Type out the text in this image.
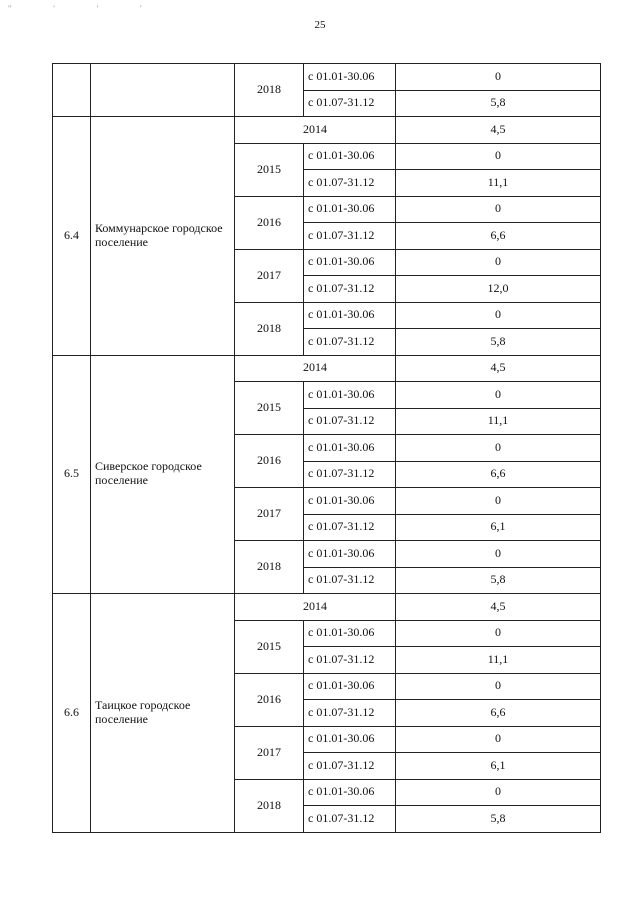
" ' ' '
25
		2018	с 01.01-30.06	0
			с 01.07-31.12	5,8
6.4	Коммунарское городское поселение	2014		4,5
		2015	с 01.01-30.06	0
			с 01.07-31.12	11,1
		2016	с 01.01-30.06	0
			с 01.07-31.12	6,6
		2017	с 01.01-30.06	0
			с 01.07-31.12	12,0
		2018	с 01.01-30.06	0
			с 01.07-31.12	5,8
6.5	Сиверское городское поселение	2014		4,5
		2015	с 01.01-30.06	0
			с 01.07-31.12	11,1
		2016	с 01.01-30.06	0
			с 01.07-31.12	6,6
		2017	с 01.01-30.06	0
			с 01.07-31.12	6,1
		2018	с 01.01-30.06	0
			с 01.07-31.12	5,8
6.6	Таицкое городское поселение	2014		4,5
		2015	с 01.01-30.06	0
			с 01.07-31.12	11,1
		2016	с 01.01-30.06	0
			с 01.07-31.12	6,6
		2017	с 01.01-30.06	0
			с 01.07-31.12	6,1
		2018	с 01.01-30.06	0
			с 01.07-31.12	5,8
